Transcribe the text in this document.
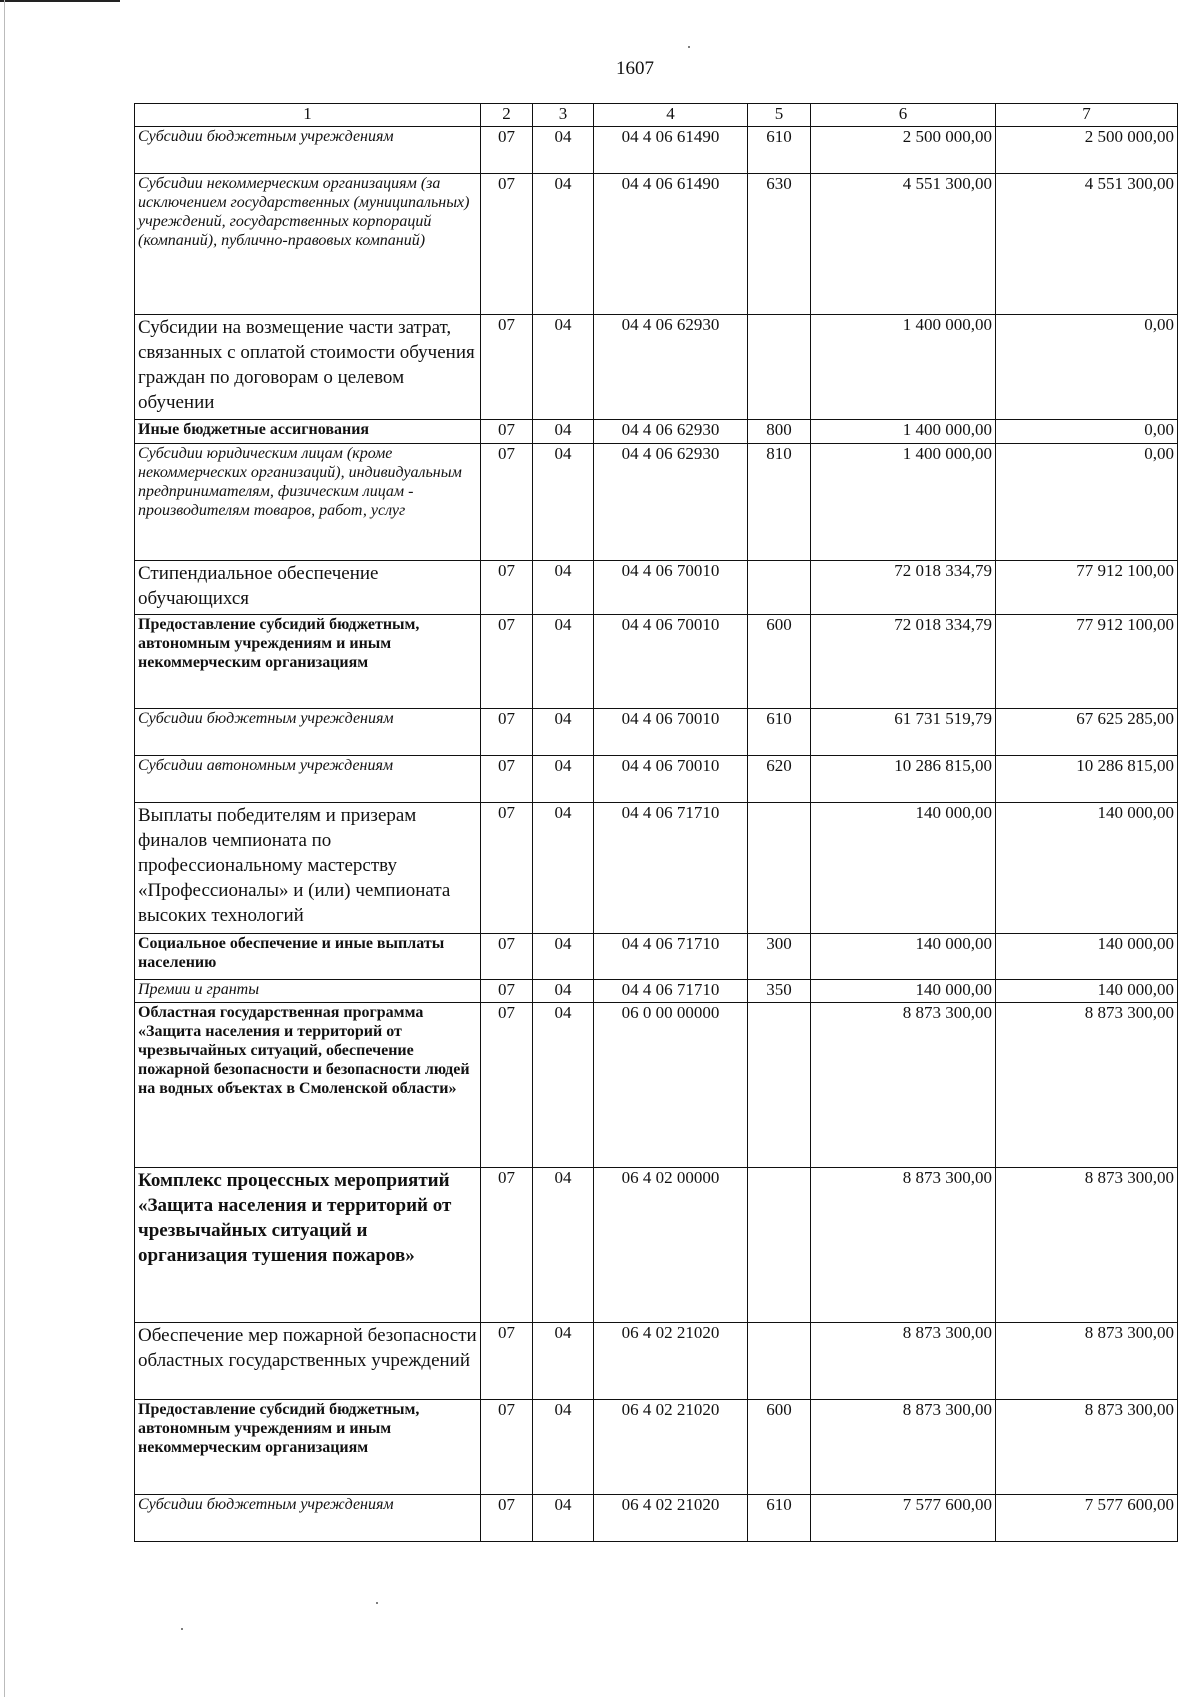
1607
1	2	3	4	5	6	7
Субсидии бюджетным учреждениям	07	04	04 4 06 61490	610	2 500 000,00	2 500 000,00
Субсидии некоммерческим организациям (за исключением государственных (муниципальных) учреждений, государственных корпораций (компаний), публично-правовых компаний)	07	04	04 4 06 61490	630	4 551 300,00	4 551 300,00
Субсидии на возмещение части затрат, связанных с оплатой стоимости обучения граждан по договорам о целевом обучении	07	04	04 4 06 62930		1 400 000,00	0,00
Иные бюджетные ассигнования	07	04	04 4 06 62930	800	1 400 000,00	0,00
Субсидии юридическим лицам (кроме некоммерческих организаций), индивидуальным предпринимателям, физическим лицам - производителям товаров, работ, услуг	07	04	04 4 06 62930	810	1 400 000,00	0,00
Стипендиальное обеспечение обучающихся	07	04	04 4 06 70010		72 018 334,79	77 912 100,00
Предоставление субсидий бюджетным, автономным учреждениям и иным некоммерческим организациям	07	04	04 4 06 70010	600	72 018 334,79	77 912 100,00
Субсидии бюджетным учреждениям	07	04	04 4 06 70010	610	61 731 519,79	67 625 285,00
Субсидии автономным учреждениям	07	04	04 4 06 70010	620	10 286 815,00	10 286 815,00
Выплаты победителям и призерам финалов чемпионата по профессиональному мастерству «Профессионалы» и (или) чемпионата высоких технологий	07	04	04 4 06 71710		140 000,00	140 000,00
Социальное обеспечение и иные выплаты населению	07	04	04 4 06 71710	300	140 000,00	140 000,00
Премии и гранты	07	04	04 4 06 71710	350	140 000,00	140 000,00
Областная государственная программа «Защита населения и территорий от чрезвычайных ситуаций, обеспечение пожарной безопасности и безопасности людей на водных объектах в Смоленской области»	07	04	06 0 00 00000		8 873 300,00	8 873 300,00
Комплекс процессных мероприятий «Защита населения и территорий от чрезвычайных ситуаций и организация тушения пожаров»	07	04	06 4 02 00000		8 873 300,00	8 873 300,00
Обеспечение мер пожарной безопасности областных государственных учреждений	07	04	06 4 02 21020		8 873 300,00	8 873 300,00
Предоставление субсидий бюджетным, автономным учреждениям и иным некоммерческим организациям	07	04	06 4 02 21020	600	8 873 300,00	8 873 300,00
Субсидии бюджетным учреждениям	07	04	06 4 02 21020	610	7 577 600,00	7 577 600,00
